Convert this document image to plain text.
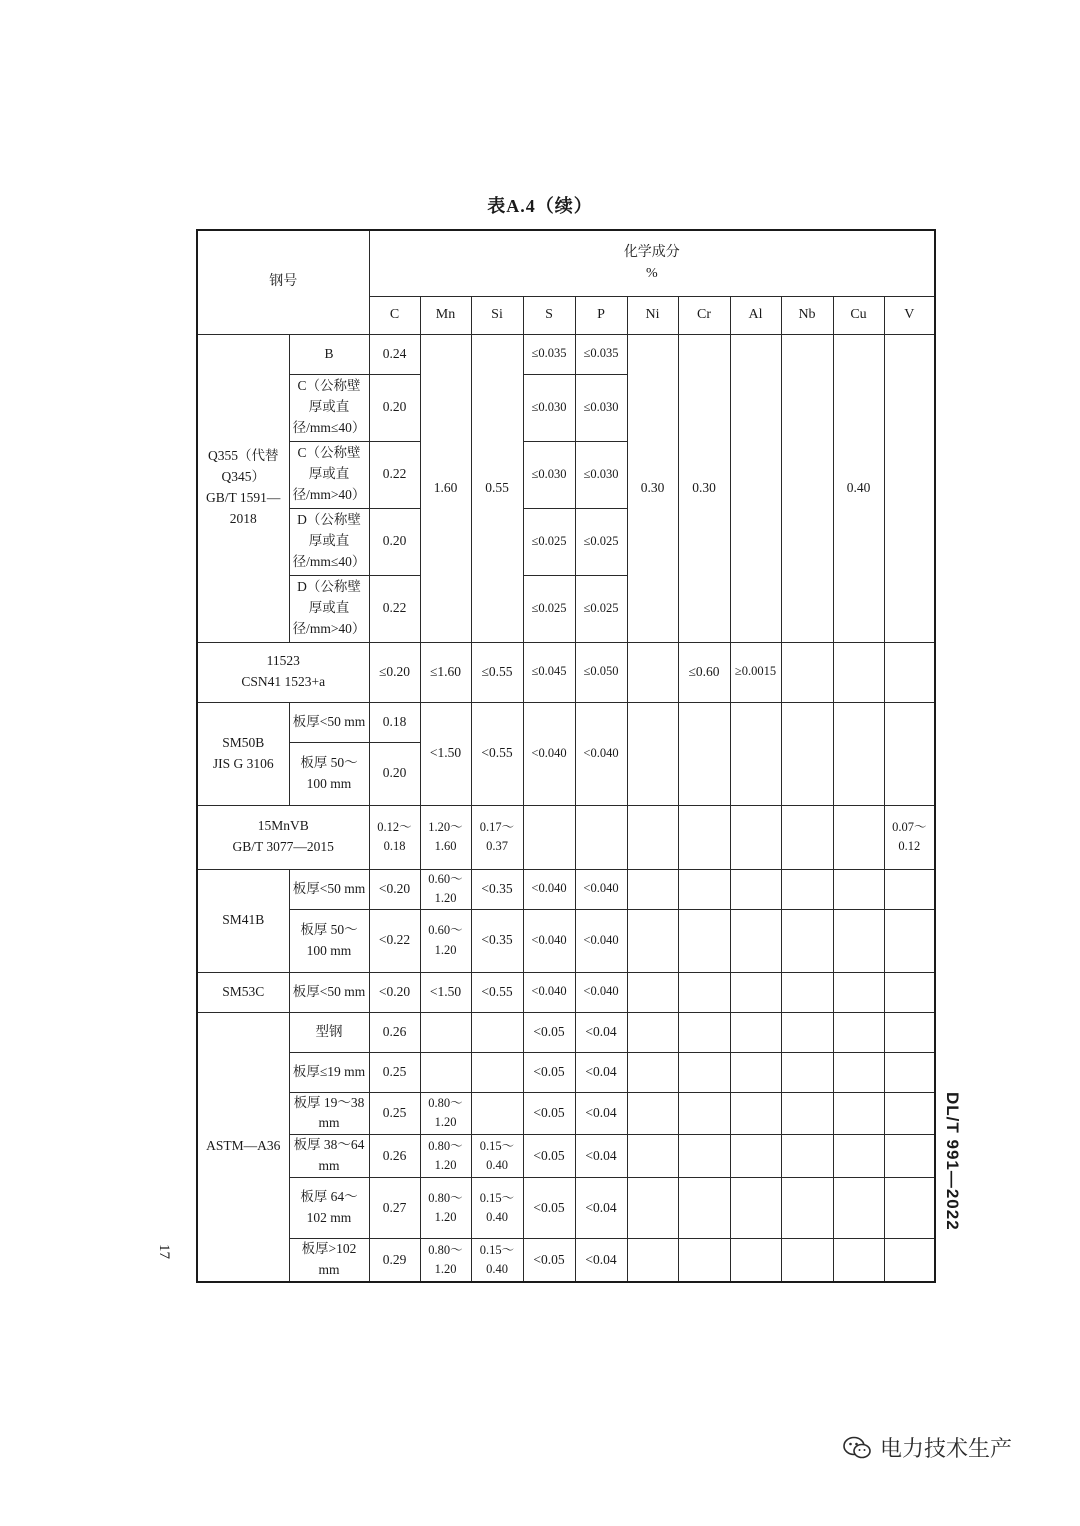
表A.4（续）
钢号		化学成分
%										
		C	Mn	Si	S	P	Ni	Cr	Al	Nb	Cu	V
Q355（代替 Q345）
GB/T 1591—2018	B	0.24	1.60	0.55	≤0.035	≤0.035	0.30	0.30			0.40	
	C（公称壁厚或直径/mm≤40）	0.20			≤0.030	≤0.030						
	C（公称壁厚或直径/mm>40）	0.22			≤0.030	≤0.030						
	D（公称壁厚或直径/mm≤40）	0.20			≤0.025	≤0.025						
	D（公称壁厚或直径/mm>40）	0.22			≤0.025	≤0.025						
11523
CSN41 1523+a		≤0.20	≤1.60	≤0.55	≤0.045	≤0.050		≤0.60	≥0.0015			
SM50B
JIS G 3106	板厚<50 mm	0.18	<1.50	<0.55	<0.040	<0.040						
	板厚 50～100 mm	0.20										
15MnVB
GB/T 3077—2015		0.12～0.18	1.20～1.60	0.17～0.37								0.07～0.12
SM41B	板厚<50 mm	<0.20	0.60～1.20	<0.35	<0.040	<0.040						
	板厚 50～100 mm	<0.22	0.60～1.20	<0.35	<0.040	<0.040						
SM53C	板厚<50 mm	<0.20	<1.50	<0.55	<0.040	<0.040						
ASTM—A36	型钢	0.26			<0.05	<0.04						
	板厚≤19 mm	0.25			<0.05	<0.04						
	板厚 19～38 mm	0.25	0.80～1.20		<0.05	<0.04						
	板厚 38～64 mm	0.26	0.80～1.20	0.15～0.40	<0.05	<0.04						
	板厚 64～102 mm	0.27	0.80～1.20	0.15～0.40	<0.05	<0.04						
	板厚>102 mm	0.29	0.80～1.20	0.15～0.40	<0.05	<0.04						
17
DL/T 991—2022
电力技术生产
